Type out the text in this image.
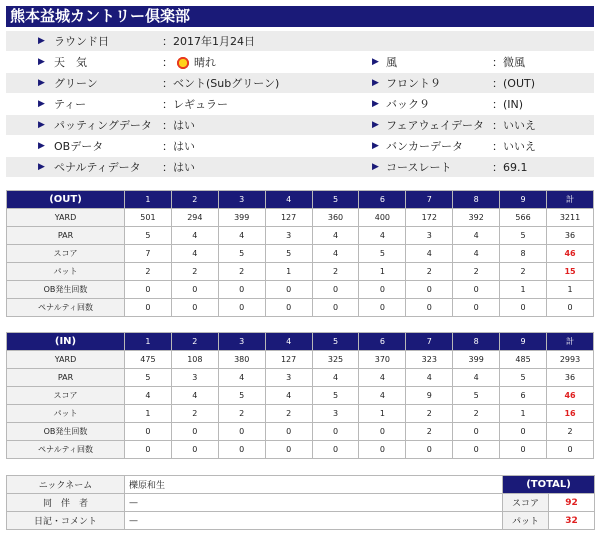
熊本益城カントリー倶楽部
▶ ラウンド日	：2017年1月24日
▶ 天　気	：	晴れ	▶ 風	：微風
▶ グリーン	：ベント(Subグリーン)	▶ フロント９	：(OUT)
▶ ティー	：レギュラー	▶ バック９	：(IN)
▶ パッティングデータ ：はい	▶ フェアウェイデータ ：いいえ
▶ OBデータ	：はい	▶ バンカーデータ	：いいえ
▶ ペナルティデータ ：はい	▶ コースレート	：69.1
(OUT)	1	2	3	4	5	6	7	8	9	計
YARD	501	294	399	127	360	400	172	392	566	3211
PAR	5	4	4	3	4	4	3	4	5	36
スコア	7	4	5	5	4	5	4	4	8	46
パット	2	2	2	1	2	1	2	2	2	15
OB発生回数	0	0	0	0	0	0	0	0	1	1
ペナルティ回数	0	0	0	0	0	0	0	0	0	0
(IN)	1	2	3	4	5	6	7	8	9	計
YARD	475	108	380	127	325	370	323	399	485	2993
PAR	5	3	4	3	4	4	4	4	5	36
スコア	4	4	5	4	5	4	9	5	6	46
パット	1	2	2	2	3	1	2	2	1	16
OB発生回数	0	0	0	0	0	0	2	0	0	2
ペナルティ回数	0	0	0	0	0	0	0	0	0	0
ニックネーム	櫟原和生	(TOTAL)	
同　伴　者	—	スコア	92
日記・コメント	—	パット	32
